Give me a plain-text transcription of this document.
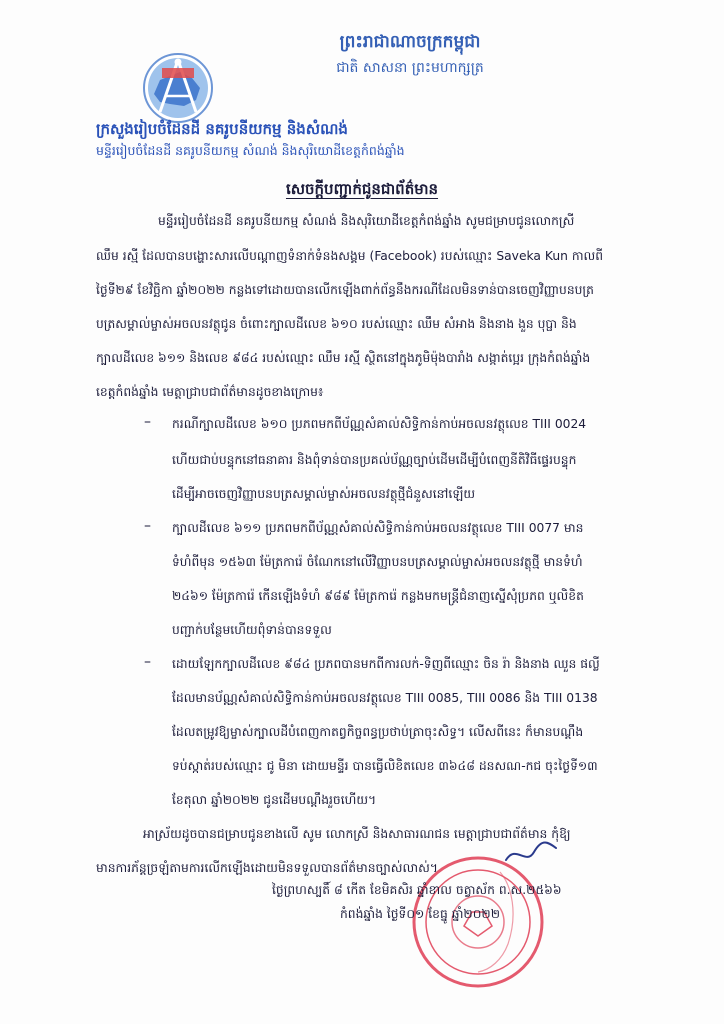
ព្រះរាជាណាចក្រកម្ពុជា
ជាតិ សាសនា ព្រះមហាក្សត្រ
ក្រសួងរៀបចំដែនដី នគរូបនីយកម្ម និងសំណង់
មន្ទីររៀបចំដែនដី នគរូបនីយកម្ម សំណង់ និងសុរិយោដីខេត្តកំពង់ឆ្នាំង
សេចក្ដីបញ្ជាក់ជូនជាព័ត៌មាន
មន្ទីររៀបចំដែនដី នគរូបនីយកម្ម សំណង់ និងសុរិយោដីខេត្តកំពង់ឆ្នាំង សូមជម្រាបជូនលោកស្រី
ឈឹម រស្មី ដែលបានបង្ហោះសារលើបណ្តាញទំនាក់ទំនងសង្គម (Facebook) របស់ឈ្មោះ Saveka Kun កាលពី
ថ្ងៃទី២៩ ខែវិច្ឆិកា ឆ្នាំ២០២២ កន្លងទៅដោយបានលើកឡើងពាក់ព័ន្ធនឹងករណីដែលមិនទាន់បានចេញវិញ្ញាបនបត្រ
បត្រសម្គាល់ម្ចាស់អចលនវត្ថុជូន ចំពោះក្បាលដីលេខ ៦១០ របស់ឈ្មោះ ឈឹម សំអាង និងនាង ងួន បុប្ផា និង
ក្បាលដីលេខ ៦១១ និងលេខ ៩៨៤ របស់ឈ្មោះ ឈឹម រស្មី ស្ថិតនៅក្នុងភូមិម៉ុងបារាំង សង្កាត់ប្អេរ ក្រុងកំពង់ឆ្នាំង
ខេត្តកំពង់ឆ្នាំង មេត្តាជ្រាបជាព័ត៌មានដូចខាងក្រោម៖
– ករណីក្បាលដីលេខ ៦១០ ប្រភពមកពីប័ណ្ណសំគាល់សិទ្ធិកាន់កាប់អចលនវត្ថុលេខ TIII 0024
ហើយជាប់បន្ទុកនៅធនាគារ និងពុំទាន់បានប្រគល់ប័ណ្ណច្បាប់ដើមដើម្បីបំពេញនីតិវិធីផ្ទេរបន្ទុក
ដើម្បីអាចចេញវិញ្ញាបនបត្រសម្គាល់ម្ចាស់អចលនវត្ថុថ្មីជំនួសនៅឡើយ
– ក្បាលដីលេខ ៦១១ ប្រភពមកពីប័ណ្ណសំគាល់សិទ្ធិកាន់កាប់អចលនវត្ថុលេខ TIII 0077 មាន
ទំហំពីមុន ១៥៦៣ ម៉ែត្រការ៉េ ចំណែកនៅលើវិញ្ញាបនបត្រសម្គាល់ម្ចាស់អចលនវត្ថុថ្មី មានទំហំ
២៤៦១ ម៉ែត្រការ៉េ កើនឡើងទំហំ ៩៨៩ ម៉ែត្រការ៉េ កន្លងមកមន្រ្តីជំនាញស្នើសុំប្រភព ឬលិខិត
បញ្ជាក់បន្ថែមហើយពុំទាន់បានទទួល
– ដោយឡែកក្បាលដីលេខ ៩៨៤ ប្រភពបានមកពីការលក់-ទិញពីឈ្មោះ ចិន រ៉ា និងនាង ឈួន ផល្លី
ដែលមានប័ណ្ណសំគាល់សិទ្ធិកាន់កាប់អចលនវត្ថុលេខ TIII 0085, TIII 0086 និង TIII 0138
ដែលតម្រូវឱ្យម្ចាស់ក្បាលដីបំពេញកាតព្វកិច្ចពន្ធប្រថាប់ត្រាចុះសិទ្ធ។ លើសពីនេះ ក៏មានបណ្តឹង
ទប់ស្កាត់របស់ឈ្មោះ ជូ មិនា ដោយមន្ទីរ បានធ្វើលិខិតលេខ ៣៦៤៨ ដនសណ-កជ ចុះថ្ងៃទី១៣
ខែតុលា ឆ្នាំ២០២២ ជូនដើមបណ្ដឹងរួចហើយ។
អាស្រ័យដូចបានជម្រាបជូនខាងលើ សូម លោកស្រី និងសាធារណជន មេត្តាជ្រាបជាព័ត៌មាន កុំឱ្យ
មានការភ័ន្តច្រឡំតាមការលើកឡើងដោយមិនទទួលបានព័ត៌មានច្បាស់លាស់។
ថ្ងៃព្រហស្បតិ៍ ៨ កើត ខែមិគសិរ ឆ្នាំខាល ចត្វាស័ក ព.ស.២៥៦៦
កំពង់ឆ្នាំង ថ្ងៃទី០១ ខែធ្នូ ឆ្នាំ២០២២
